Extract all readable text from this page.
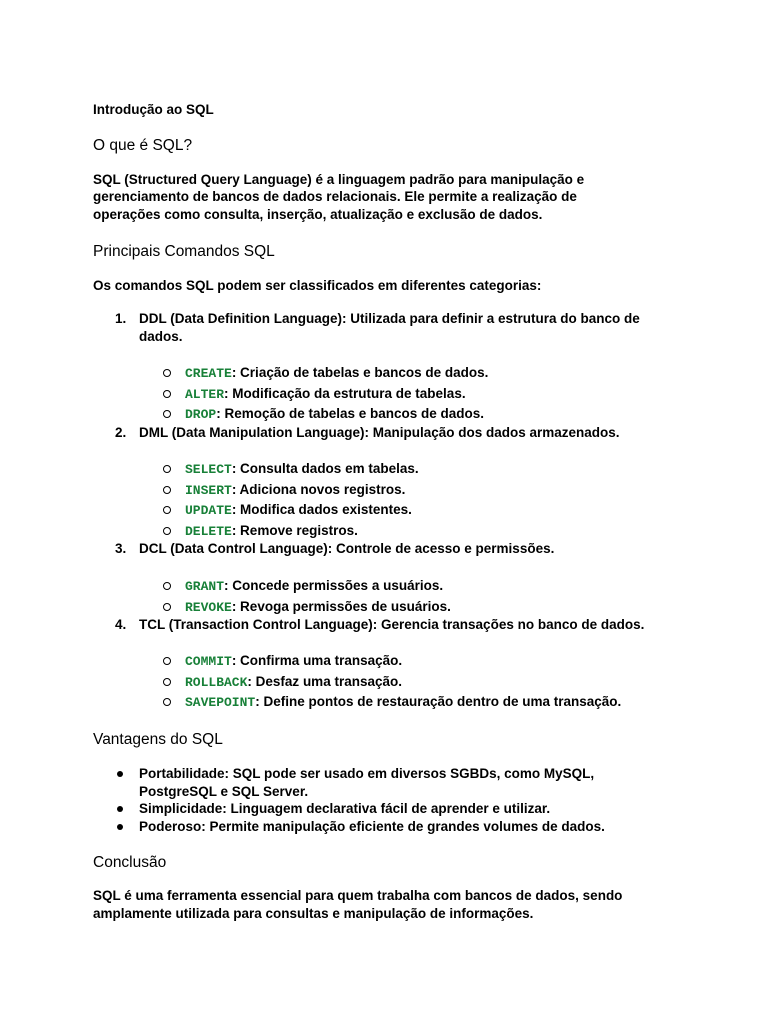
Introdução ao SQL
O que é SQL?
SQL (Structured Query Language) é a linguagem padrão para manipulação e
gerenciamento de bancos de dados relacionais. Ele permite a realização de
operações como consulta, inserção, atualização e exclusão de dados.
Principais Comandos SQL
Os comandos SQL podem ser classificados em diferentes categorias:
1. DDL (Data Definition Language): Utilizada para definir a estrutura do banco de
dados.
CREATE: Criação de tabelas e bancos de dados.
ALTER: Modificação da estrutura de tabelas.
DROP: Remoção de tabelas e bancos de dados.
2. DML (Data Manipulation Language): Manipulação dos dados armazenados.
SELECT: Consulta dados em tabelas.
INSERT: Adiciona novos registros.
UPDATE: Modifica dados existentes.
DELETE: Remove registros.
3. DCL (Data Control Language): Controle de acesso e permissões.
GRANT: Concede permissões a usuários.
REVOKE: Revoga permissões de usuários.
4. TCL (Transaction Control Language): Gerencia transações no banco de dados.
COMMIT: Confirma uma transação.
ROLLBACK: Desfaz uma transação.
SAVEPOINT: Define pontos de restauração dentro de uma transação.
Vantagens do SQL
Portabilidade: SQL pode ser usado em diversos SGBDs, como MySQL,
PostgreSQL e SQL Server.
Simplicidade: Linguagem declarativa fácil de aprender e utilizar.
Poderoso: Permite manipulação eficiente de grandes volumes de dados.
Conclusão
SQL é uma ferramenta essencial para quem trabalha com bancos de dados, sendo
amplamente utilizada para consultas e manipulação de informações.
